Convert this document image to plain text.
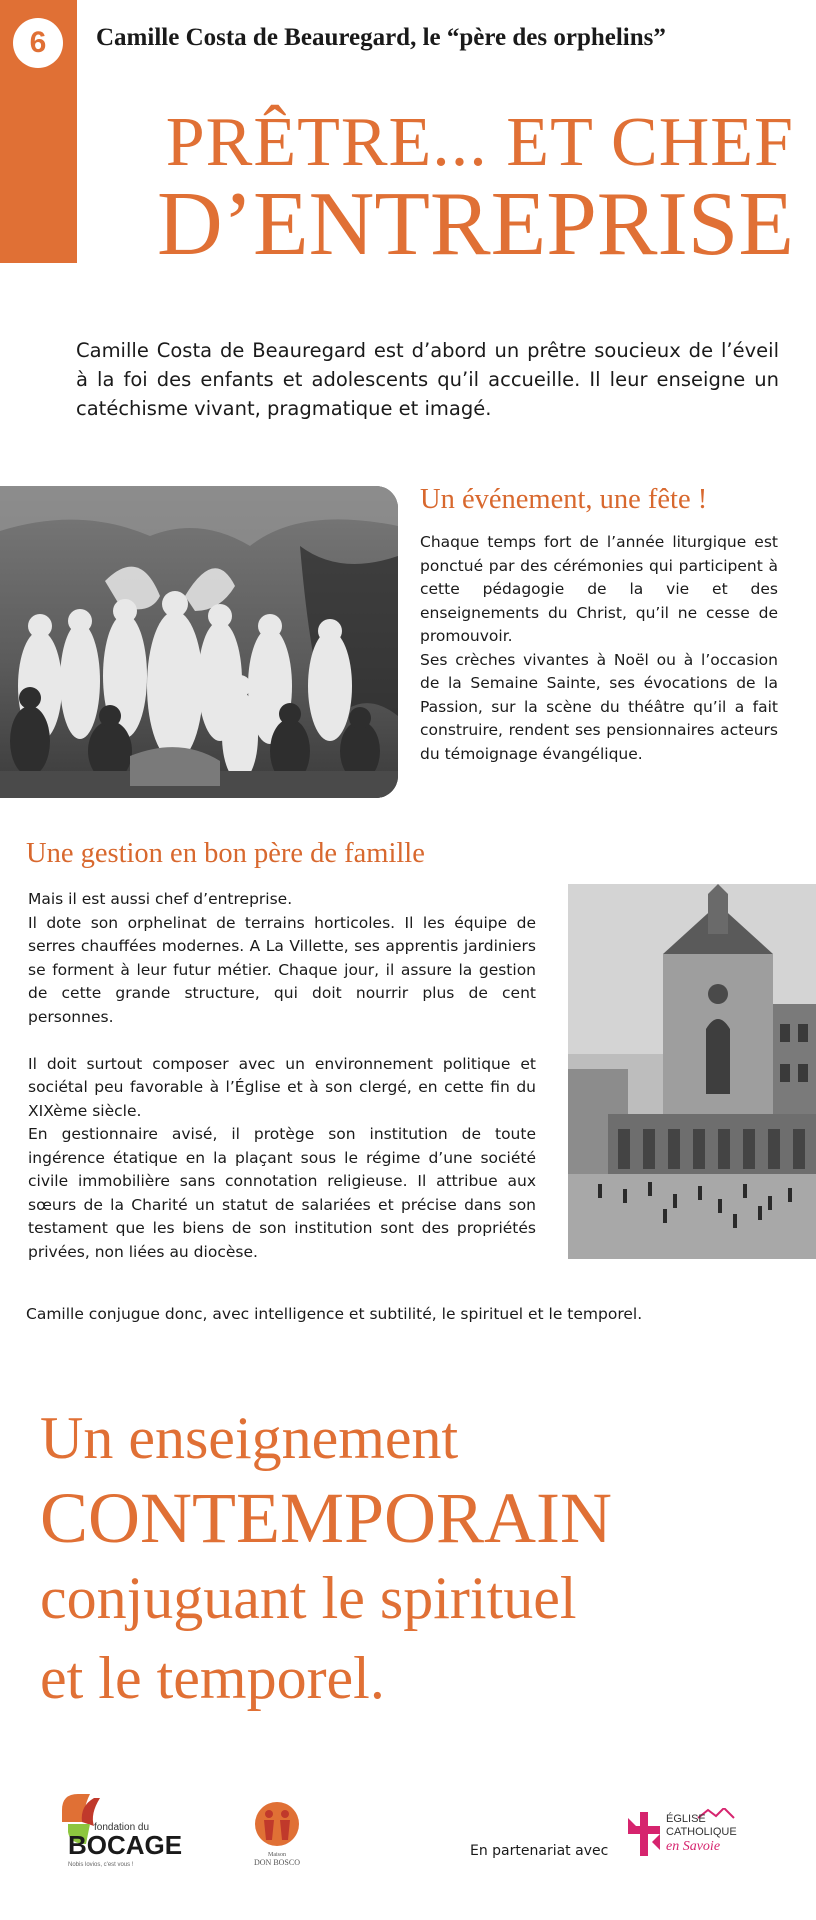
6 Camille Costa de Beauregard, le “père des orphelins”
PRÊTRE... ET CHEF
D’ENTREPRISE
Camille Costa de Beauregard est d’abord un prêtre soucieux de l’éveil à la foi des enfants et adolescents qu’il accueille. Il leur enseigne un catéchisme vivant, pragmatique et imagé.
Un événement, une fête !

Chaque temps fort de l’année liturgique est ponctué par des cérémonies qui participent à cette pédagogie de la vie et des enseignements du Christ, qu’il ne cesse de promouvoir.

Ses crèches vivantes à Noël ou à l’occasion de la Semaine Sainte, ses évocations de la Passion, sur la scène du théâtre qu’il a fait construire, rendent ses pensionnaires acteurs du témoignage évangélique.

Une gestion en bon père de famille

Mais il est aussi chef d’entreprise.

Il dote son orphelinat de terrains horticoles. Il les équipe de serres chauffées modernes. A La Villette, ses apprentis jardiniers se forment à leur futur métier. Chaque jour, il assure la gestion de cette grande structure, qui doit nourrir plus de cent personnes.

Il doit surtout composer avec un environnement politique et sociétal peu favorable à l’Église et à son clergé, en cette fin du XIXème siècle.

En gestionnaire avisé, il protège son institution de toute ingérence étatique en la plaçant sous le régime d’une société civile immobilière sans connotation religieuse. Il attribue aux sœurs de la Charité un statut de salariées et précise dans son testament que les biens de son institution sont des propriétés privées, non liées au diocèse.

Camille conjugue donc, avec intelligence et subtilité, le spirituel et le temporel.
Un enseignement
CONTEMPORAIN
conjuguant le spirituel
et le temporel.
fondation du
BOCAGE
Nobis lovios, c'est vous !
Maison
DON BOSCO
En partenariat avec
ÉGLISE
CATHOLIQUE
en Savoie
